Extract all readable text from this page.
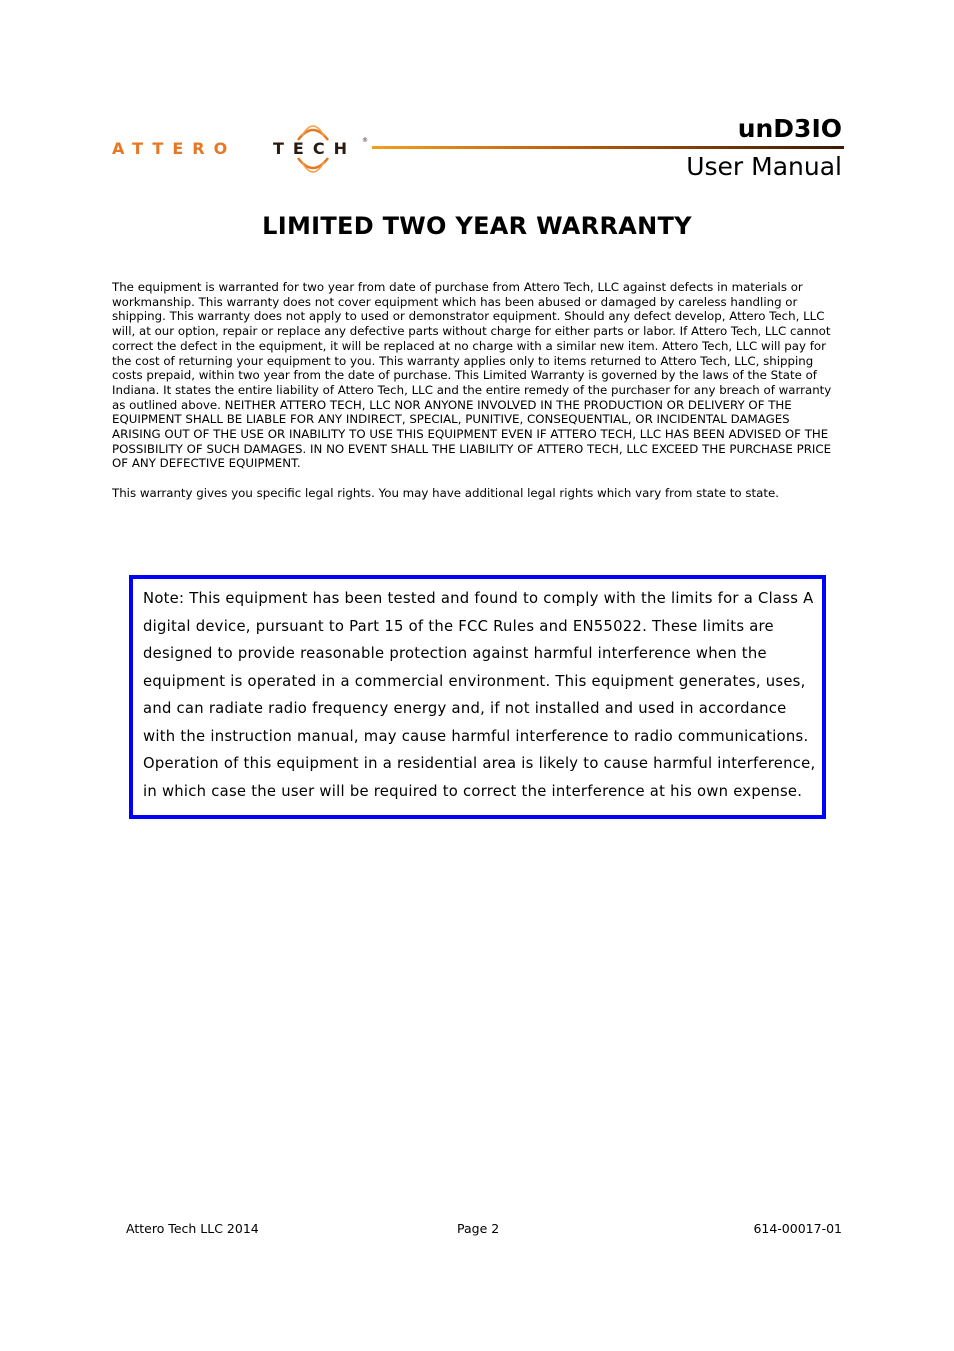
ATTERO TECH ®	unD3IO
User Manual
LIMITED TWO YEAR WARRANTY

The equipment is warranted for two year from date of purchase from Attero Tech, LLC against defects in materials or workmanship. This warranty does not cover equipment which has been abused or damaged by careless handling or shipping. This warranty does not apply to used or demonstrator equipment. Should any defect develop, Attero Tech, LLC will, at our option, repair or replace any defective parts without charge for either parts or labor. If Attero Tech, LLC cannot correct the defect in the equipment, it will be replaced at no charge with a similar new item. Attero Tech, LLC will pay for the cost of returning your equipment to you. This warranty applies only to items returned to Attero Tech, LLC, shipping costs prepaid, within two year from the date of purchase. This Limited Warranty is governed by the laws of the State of Indiana. It states the entire liability of Attero Tech, LLC and the entire remedy of the purchaser for any breach of warranty as outlined above. NEITHER ATTERO TECH, LLC NOR ANYONE INVOLVED IN THE PRODUCTION OR DELIVERY OF THE EQUIPMENT SHALL BE LIABLE FOR ANY INDIRECT, SPECIAL, PUNITIVE, CONSEQUENTIAL, OR INCIDENTAL DAMAGES ARISING OUT OF THE USE OR INABILITY TO USE THIS EQUIPMENT EVEN IF ATTERO TECH, LLC HAS BEEN ADVISED OF THE POSSIBILITY OF SUCH DAMAGES. IN NO EVENT SHALL THE LIABILITY OF ATTERO TECH, LLC EXCEED THE PURCHASE PRICE OF ANY DEFECTIVE EQUIPMENT.

This warranty gives you specific legal rights. You may have additional legal rights which vary from state to state.

Note: This equipment has been tested and found to comply with the limits for a Class A digital device, pursuant to Part 15 of the FCC Rules and EN55022. These limits are designed to provide reasonable protection against harmful interference when the equipment is operated in a commercial environment. This equipment generates, uses, and can radiate radio frequency energy and, if not installed and used in accordance with the instruction manual, may cause harmful interference to radio communications. Operation of this equipment in a residential area is likely to cause harmful interference, in which case the user will be required to correct the interference at his own expense.
Attero Tech LLC 2014	Page 2	614-00017-01
